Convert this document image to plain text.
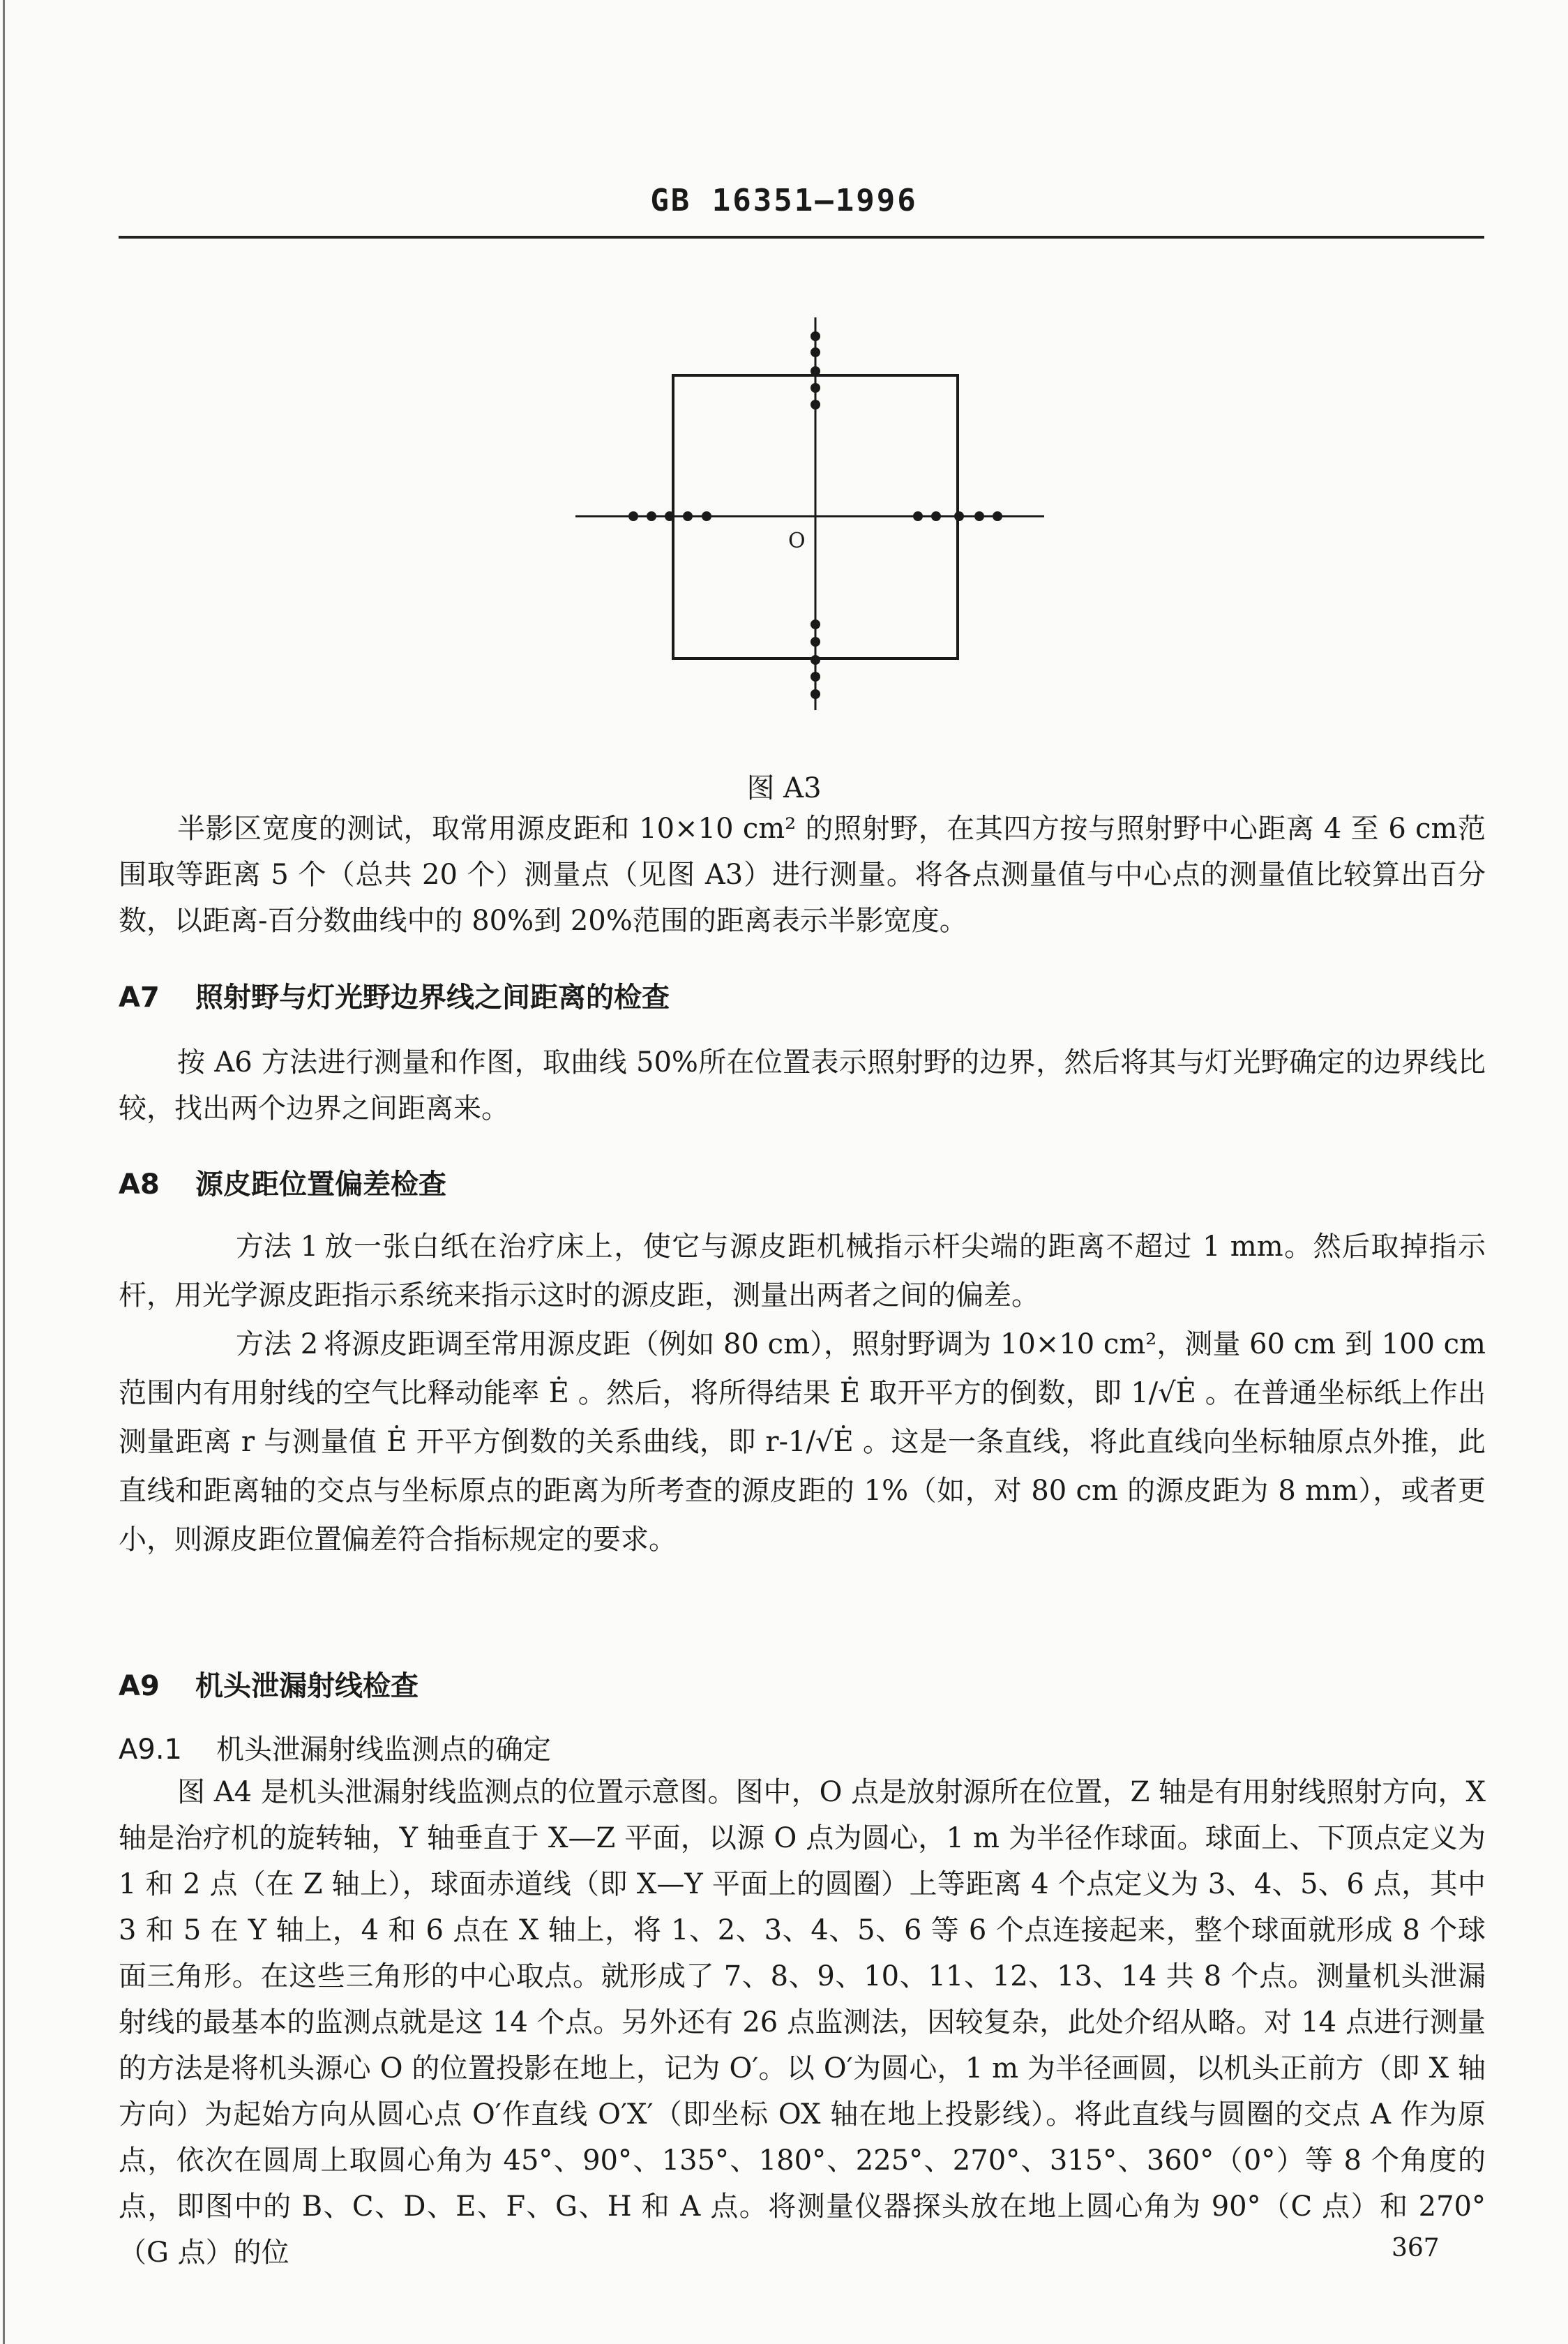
GB 16351—1996
O
图 A3

半影区宽度的测试，取常用源皮距和 10×10 cm² 的照射野，在其四方按与照射野中心距离 4 至 6 cm范围取等距离 5 个（总共 20 个）测量点（见图 A3）进行测量。将各点测量值与中心点的测量值比较算出百分数，以距离-百分数曲线中的 80%到 20%范围的距离表示半影宽度。

A7 照射野与灯光野边界线之间距离的检查

按 A6 方法进行测量和作图，取曲线 50%所在位置表示照射野的边界，然后将其与灯光野确定的边界线比较，找出两个边界之间距离来。

A8 源皮距位置偏差检查

方法 1 放一张白纸在治疗床上，使它与源皮距机械指示杆尖端的距离不超过 1 mm。然后取掉指示杆，用光学源皮距指示系统来指示这时的源皮距，测量出两者之间的偏差。

方法 2 将源皮距调至常用源皮距（例如 80 cm），照射野调为 10×10 cm²，测量 60 cm 到 100 cm 范围内有用射线的空气比释动能率 Ė 。然后，将所得结果 Ė 取开平方的倒数，即 1/√Ė 。在普通坐标纸上作出测量距离 r 与测量值 Ė 开平方倒数的关系曲线，即 r-1/√Ė 。这是一条直线，将此直线向坐标轴原点外推，此直线和距离轴的交点与坐标原点的距离为所考查的源皮距的 1%（如，对 80 cm 的源皮距为 8 mm），或者更小，则源皮距位置偏差符合指标规定的要求。

A9 机头泄漏射线检查
A9.1 机头泄漏射线监测点的确定

图 A4 是机头泄漏射线监测点的位置示意图。图中，O 点是放射源所在位置，Z 轴是有用射线照射方向，X 轴是治疗机的旋转轴，Y 轴垂直于 X—Z 平面，以源 O 点为圆心，1 m 为半径作球面。球面上、下顶点定义为 1 和 2 点（在 Z 轴上），球面赤道线（即 X—Y 平面上的圆圈）上等距离 4 个点定义为 3、4、5、6 点，其中 3 和 5 在 Y 轴上，4 和 6 点在 X 轴上，将 1、2、3、4、5、6 等 6 个点连接起来，整个球面就形成 8 个球面三角形。在这些三角形的中心取点。就形成了 7、8、9、10、11、12、13、14 共 8 个点。测量机头泄漏射线的最基本的监测点就是这 14 个点。另外还有 26 点监测法，因较复杂，此处介绍从略。对 14 点进行测量的方法是将机头源心 O 的位置投影在地上，记为 O′。以 O′为圆心，1 m 为半径画圆，以机头正前方（即 X 轴方向）为起始方向从圆心点 O′作直线 O′X′（即坐标 OX 轴在地上投影线）。将此直线与圆圈的交点 A 作为原点，依次在圆周上取圆心角为 45°、90°、135°、180°、225°、270°、315°、360°（0°）等 8 个角度的点，即图中的 B、C、D、E、F、G、H 和 A 点。将测量仪器探头放在地上圆心角为 90°（C 点）和 270°（G 点）的位	367
